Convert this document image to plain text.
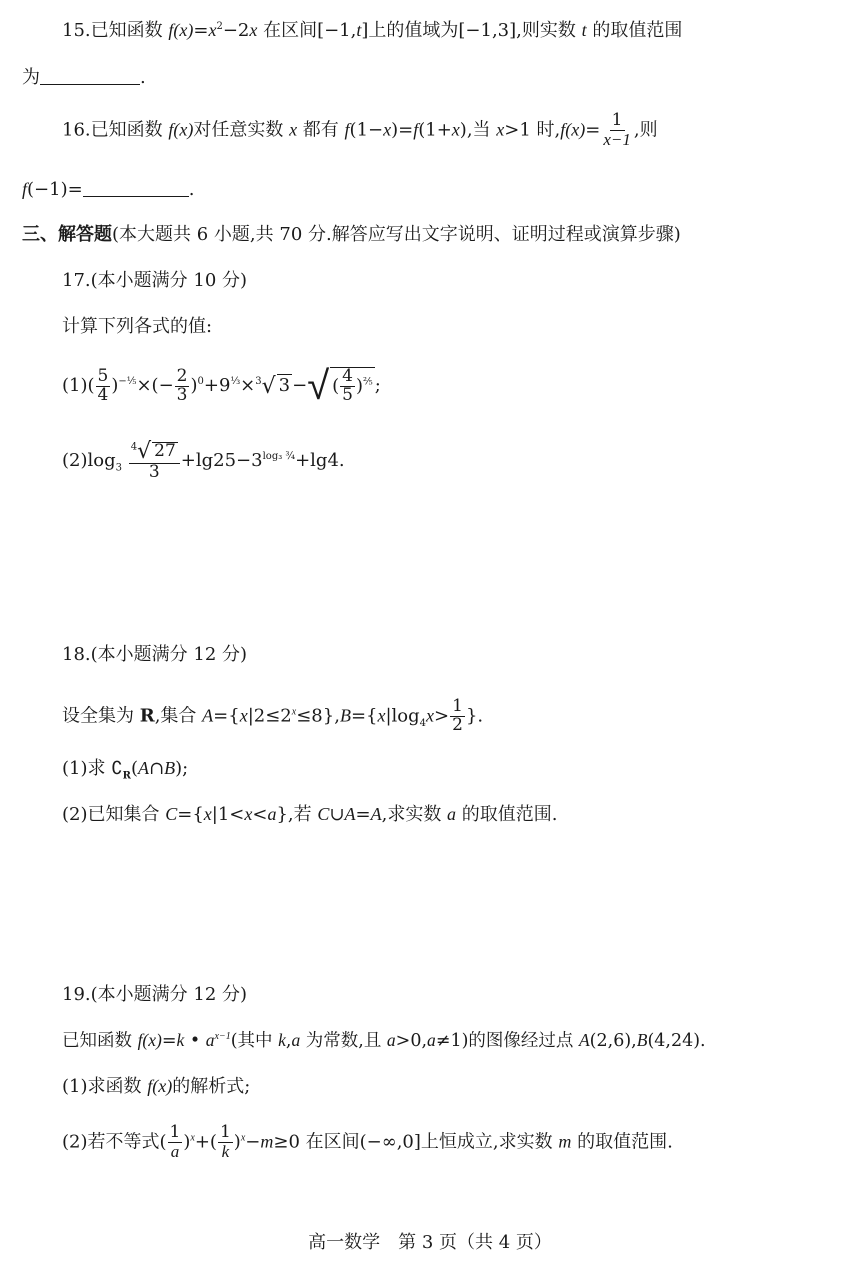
15.已知函数 $f(x)=x^2-2x$ 在区间[−1,t]上的值域为[−1,3],则实数 t 的取值范围
为	.
16.已知函数 f(x)对任意实数 x 都有 f(1−x)=f(1+x),当 x>1 时$,f(x)= \frac{1}{x-1}$ ,则
f(−1)=	.
三、解答题(本大题共 6 小题,共 70 分.解答应写出文字说明、证明过程或演算步骤)
17.(本小题满分 10 分)
计算下列各式的值:
$(1)( \frac{5}{4} )^{-\frac{1}{5}}\times(- \frac{2}{3} )^0+9^{\frac{1}{3}}\times^3√$ 3 −√ ( $\frac{4}{5} )^{\frac{2}{5}}$ ;
$(2)\log_3 \frac{^4√ 27}{3} +\lg 25-3^{log_3 \frac{3}{4}}+\lg 4$.
18.(本小题满分 12 分)
设全集为 R,集合 $A=\{x|2\le 2^x\le 8\},B=\{x|\log_4x> \frac{1}{2}$ }.
(1)求 $∁_R(A\cap B)$;
(2)已知集合 C={x|1<x<a},若 C∪A=A,求实数 a 的取值范围.
19.(本小题满分 12 分)
已知函数 f(x)=k • $a^{x-1}$(其中 k,a 为常数,且 a>0,a≠1)的图像经过点 A(2,6),B(4,24).
(1)求函数 f(x)的解析式;
(2)若不等式( $\frac{1}{a} )^x+( \frac{1}{k} )^x-m\ge 0$ 在区间(−∞,0]上恒成立,求实数 m 的取值范围.
高一数学　第 3 页（共 4 页）
